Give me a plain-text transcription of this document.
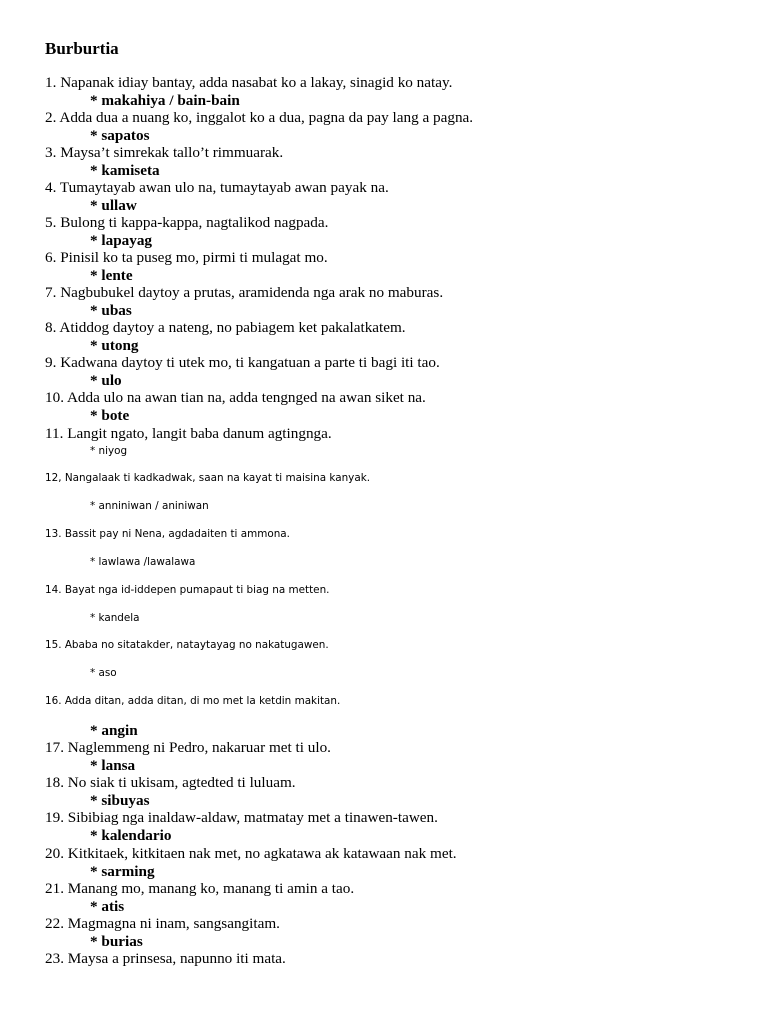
Burburtia
1. Napanak idiay bantay, adda nasabat ko a lakay, sinagid ko natay.
* makahiya / bain-bain
2. Adda dua a nuang ko, inggalot ko a dua, pagna da pay lang a pagna.
* sapatos
3. Maysa’t simrekak tallo’t rimmuarak.
* kamiseta
4. Tumaytayab awan ulo na, tumaytayab awan payak na.
* ullaw
5. Bulong ti kappa-kappa, nagtalikod nagpada.
* lapayag
6. Pinisil ko ta puseg mo, pirmi ti mulagat mo.
* lente
7. Nagbubukel daytoy a prutas, aramidenda nga arak no maburas.
* ubas
8. Atiddog daytoy a nateng, no pabiagem ket pakalatkatem.
* utong
9. Kadwana daytoy ti utek mo, ti kangatuan a parte ti bagi iti tao.
* ulo
10. Adda ulo na awan tian na, adda tengnged na awan siket na.
* bote
11. Langit ngato, langit baba danum agtingnga.
* niyog
12, Nangalaak ti kadkadwak, saan na kayat ti maisina kanyak.
* anniniwan / aniniwan
13. Bassit pay ni Nena, agdadaiten ti ammona.
* lawlawa /lawalawa
14. Bayat nga id-iddepen pumapaut ti biag na metten.
* kandela
15. Ababa no sitatakder, nataytayag no nakatugawen.
* aso
16. Adda ditan, adda ditan, di mo met la ketdin makitan.
* angin
17. Naglemmeng ni Pedro, nakaruar met ti ulo.
* lansa
18. No siak ti ukisam, agtedted ti luluam.
* sibuyas
19. Sibibiag nga inaldaw-aldaw, matmatay met a tinawen-tawen.
* kalendario
20. Kitkitaek, kitkitaen nak met, no agkatawa ak katawaan nak met.
* sarming
21. Manang mo, manang ko, manang ti amin a tao.
* atis
22. Magmagna ni inam, sangsangitam.
* burias
23. Maysa a prinsesa, napunno iti mata.
